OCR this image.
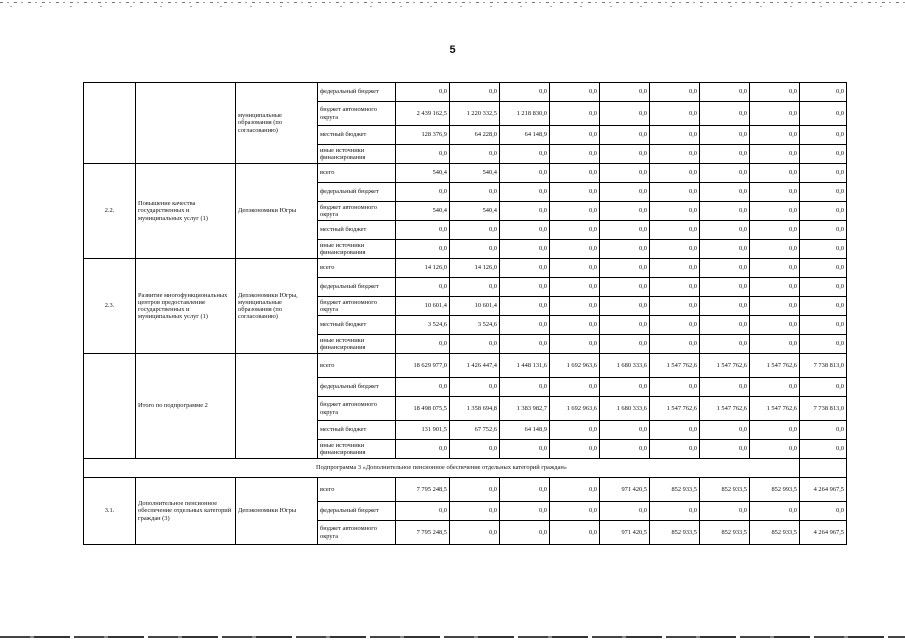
5
		муниципальные образования (по согласованию)	федеральный бюджет	0,0	0,0	0,0	0,0	0,0	0,0	0,0	0,0	0,0
			бюджет автономного округа	2 439 162,5	1 220 332,5	1 218 830,0	0,0	0,0	0,0	0,0	0,0	0,0
			местный бюджет	128 376,9	64 228,0	64 148,9	0,0	0,0	0,0	0,0	0,0	0,0
			иные источники финансирования	0,0	0,0	0,0	0,0	0,0	0,0	0,0	0,0	0,0
2.2.	Повышение качества государственных и муниципальных услуг (1)	Депэкономики Югры	всего	540,4	540,4	0,0	0,0	0,0	0,0	0,0	0,0	0,0
			федеральный бюджет	0,0	0,0	0,0	0,0	0,0	0,0	0,0	0,0	0,0
			бюджет автономного округа	540,4	540,4	0,0	0,0	0,0	0,0	0,0	0,0	0,0
			местный бюджет	0,0	0,0	0,0	0,0	0,0	0,0	0,0	0,0	0,0
			иные источники финансирования	0,0	0,0	0,0	0,0	0,0	0,0	0,0	0,0	0,0
2.3.	Развитие многофункциональных центров предоставления государственных и муниципальных услуг (1)	Депэкономики Югры, муниципальные образования (по согласованию)	всего	14 126,0	14 126,0	0,0	0,0	0,0	0,0	0,0	0,0	0,0
			федеральный бюджет	0,0	0,0	0,0	0,0	0,0	0,0	0,0	0,0	0,0
			бюджет автономного округа	10 601,4	10 601,4	0,0	0,0	0,0	0,0	0,0	0,0	0,0
			местный бюджет	3 524,6	3 524,6	0,0	0,0	0,0	0,0	0,0	0,0	0,0
			иные источники финансирования	0,0	0,0	0,0	0,0	0,0	0,0	0,0	0,0	0,0
	Итого по подпрограмме 2		всего	18 629 977,0	1 426 447,4	1 448 131,6	1 692 963,6	1 680 333,6	1 547 762,6	1 547 762,6	1 547 762,6	7 738 813,0
			федеральный бюджет	0,0	0,0	0,0	0,0	0,0	0,0	0,0	0,0	0,0
			бюджет автономного округа	18 498 075,5	1 358 694,8	1 383 982,7	1 692 963,6	1 680 333,6	1 547 762,6	1 547 762,6	1 547 762,6	7 738 813,0
			местный бюджет	131 901,5	67 752,6	64 148,9	0,0	0,0	0,0	0,0	0,0	0,0
			иные источники финансирования	0,0	0,0	0,0	0,0	0,0	0,0	0,0	0,0	0,0
Подпрограмма 3 «Дополнительное пенсионное обеспечение отдельных категорий граждан»												
3.1.	Дополнительное пенсионное обеспечение отдельных категорий граждан (3)	Депэкономики Югры	всего	7 795 248,5	0,0	0,0	0,0	971 420,5	852 933,5	852 933,5	852 993,5	4 264 967,5
			федеральный бюджет	0,0	0,0	0,0	0,0	0,0	0,0	0,0	0,0	0,0
			бюджет автономного округа	7 795 248,5	0,0	0,0	0,0	971 420,5	852 933,5	852 933,5	852 933,5	4 264 967,5
